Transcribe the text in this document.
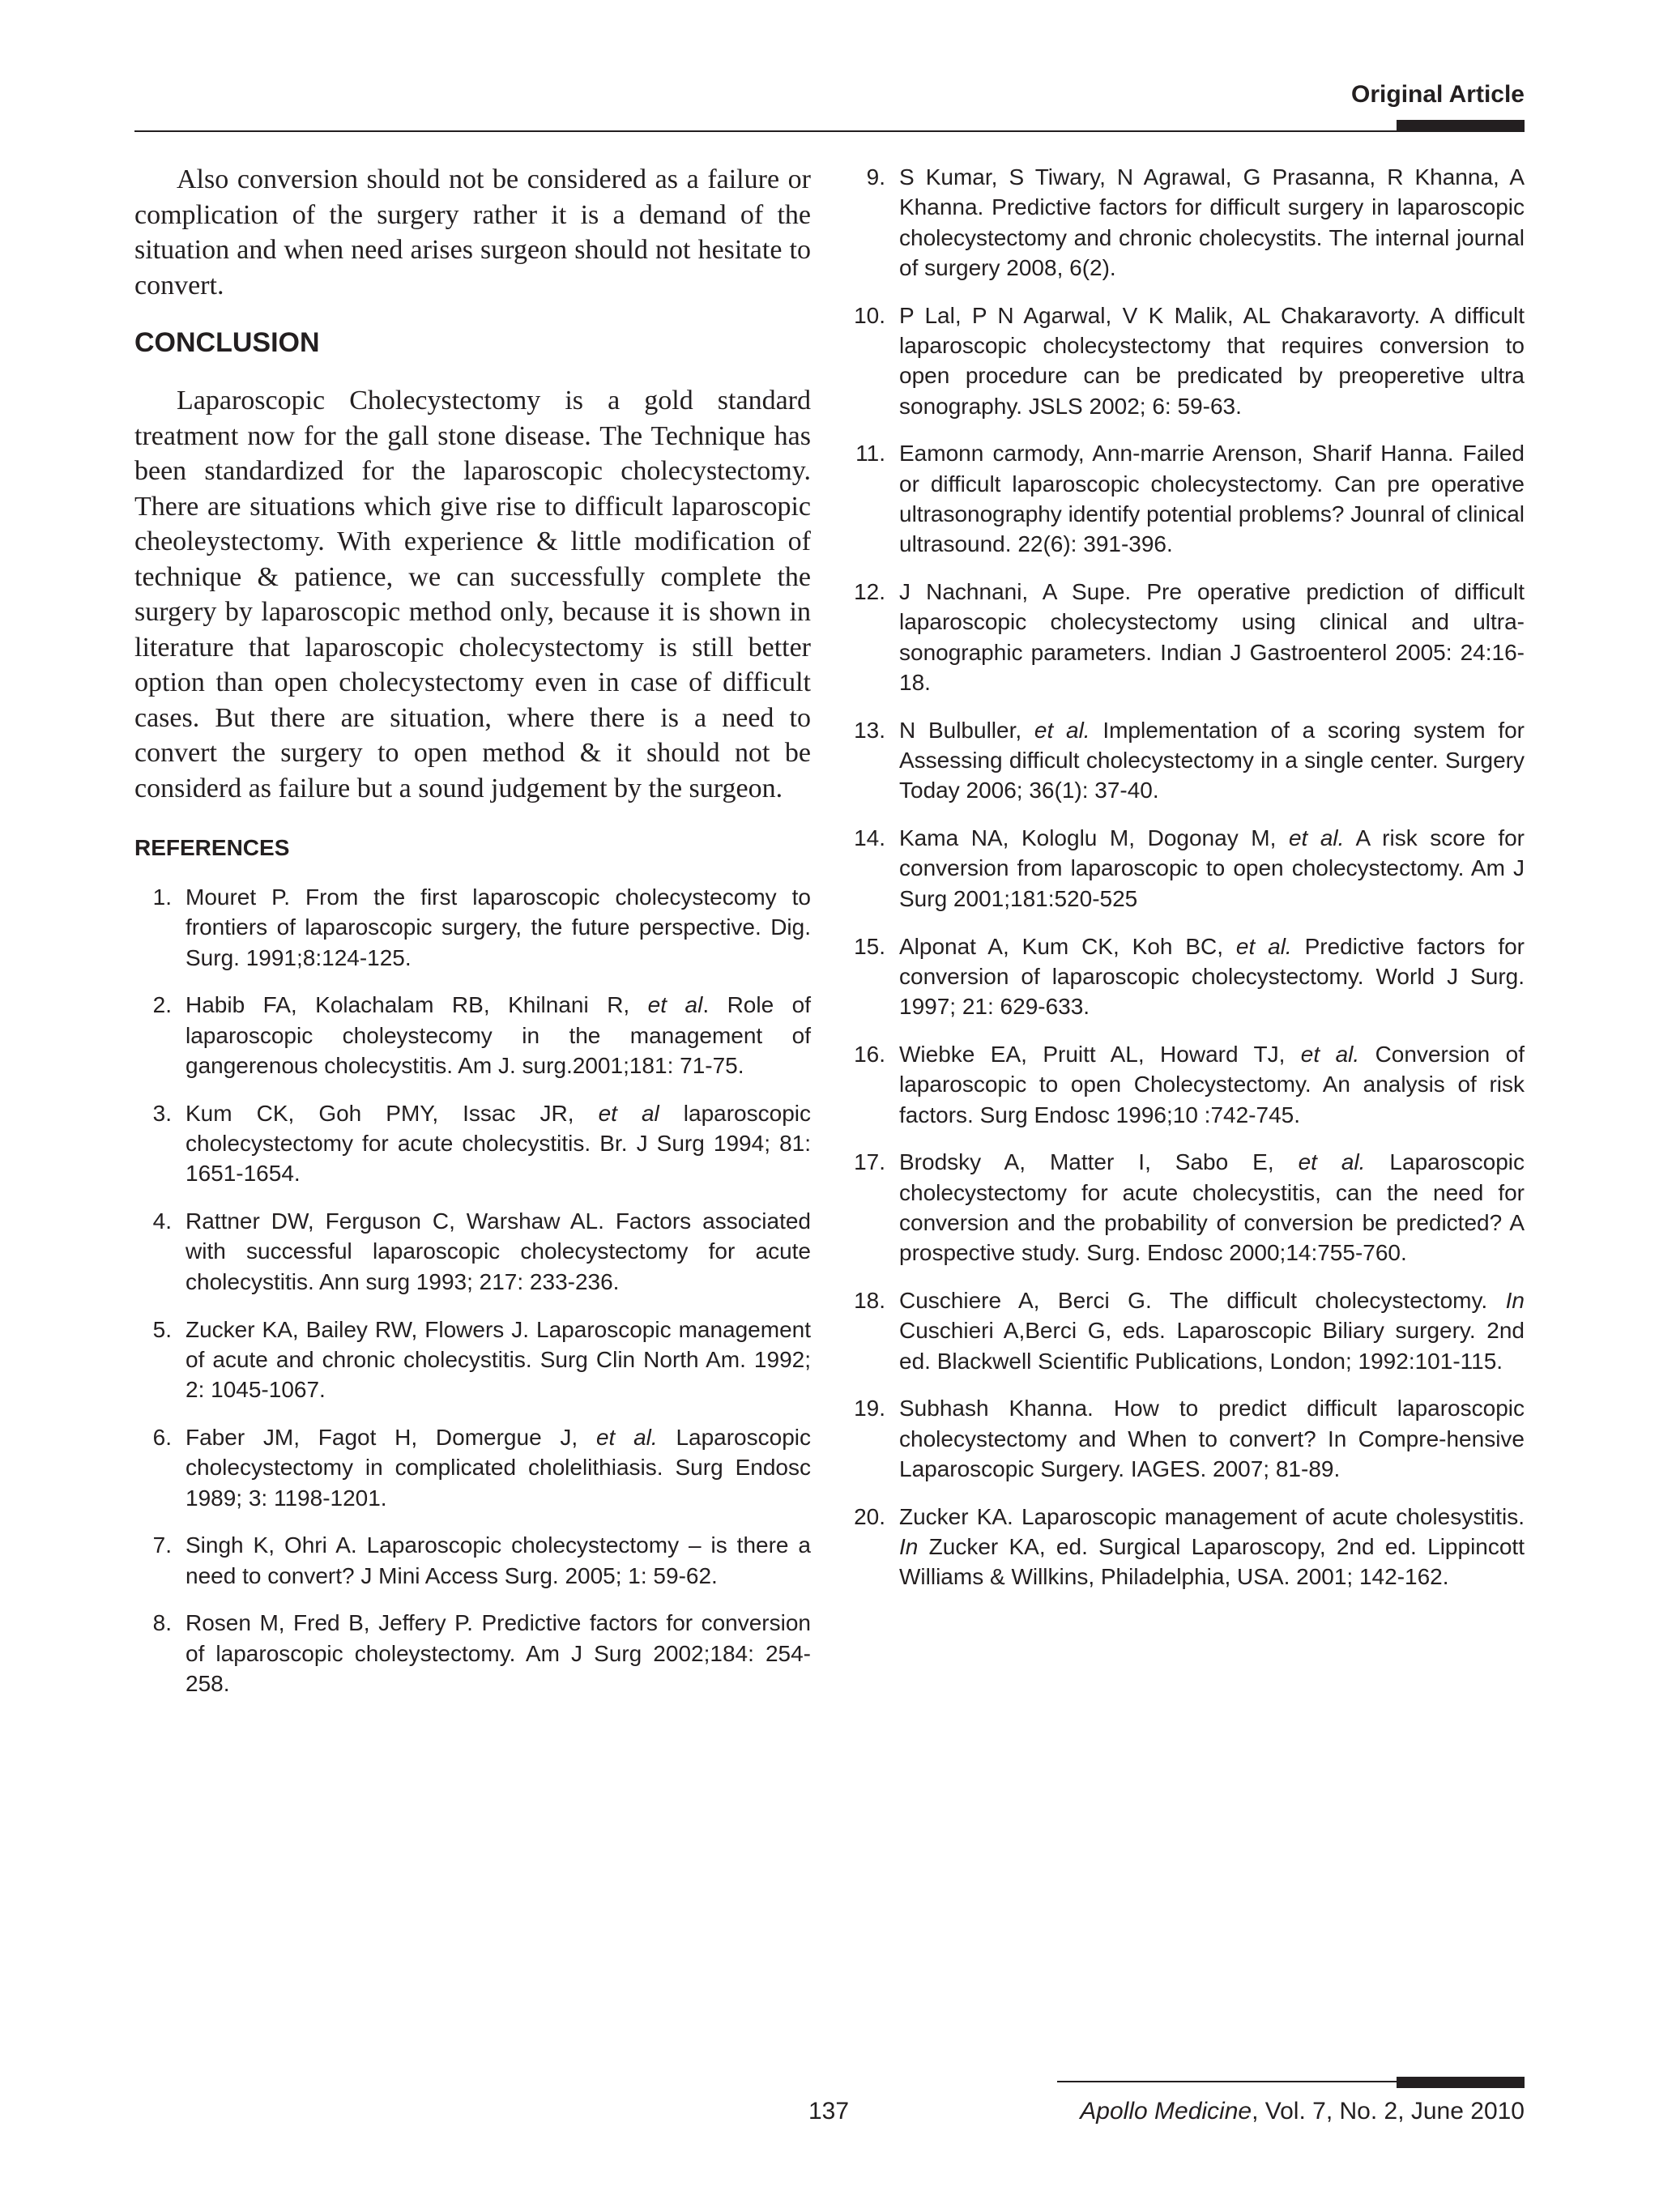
Original Article

Also conversion should not be considered as a failure or complication of the surgery rather it is a demand of the situation and when need arises surgeon should not hesitate to convert.

CONCLUSION

Laparoscopic Cholecystectomy is a gold standard treatment now for the gall stone disease. The Technique has been standardized for the laparoscopic cholecystectomy. There are situations which give rise to difficult laparoscopic cheoleystectomy. With experience & little modification of technique & patience, we can successfully complete the surgery by laparoscopic method only, because it is shown in literature that laparoscopic cholecystectomy is still better option than open cholecystectomy even in case of difficult cases. But there are situation, where there is a need to convert the surgery to open method & it should not be considerd as failure but a sound judgement by the surgeon.

REFERENCES
1. Mouret P. From the first laparoscopic cholecystecomy to frontiers of laparoscopic surgery, the future perspective. Dig. Surg. 1991;8:124-125.
2. Habib FA, Kolachalam RB, Khilnani R, et al. Role of laparoscopic choleystecomy in the management of gangerenous cholecystitis. Am J. surg.2001;181: 71-75.
3. Kum CK, Goh PMY, Issac JR, et al laparoscopic cholecystectomy for acute cholecystitis. Br. J Surg 1994; 81: 1651-1654.
4. Rattner DW, Ferguson C, Warshaw AL. Factors associated with successful laparoscopic cholecystectomy for acute cholecystitis. Ann surg 1993; 217: 233-236.
5. Zucker KA, Bailey RW, Flowers J. Laparoscopic management of acute and chronic cholecystitis. Surg Clin North Am. 1992; 2: 1045-1067.
6. Faber JM, Fagot H, Domergue J, et al. Laparoscopic cholecystectomy in complicated cholelithiasis. Surg Endosc 1989; 3: 1198-1201.
7. Singh K, Ohri A. Laparoscopic cholecystectomy – is there a need to convert? J Mini Access Surg. 2005; 1: 59-62.
8. Rosen M, Fred B, Jeffery P. Predictive factors for conversion of laparoscopic choleystectomy. Am J Surg 2002;184: 254-258.
9. S Kumar, S Tiwary, N Agrawal, G Prasanna, R Khanna, A Khanna. Predictive factors for difficult surgery in laparoscopic cholecystectomy and chronic cholecystits. The internal journal of surgery 2008, 6(2).
10. P Lal, P N Agarwal, V K Malik, AL Chakaravorty. A difficult laparoscopic cholecystectomy that requires conversion to open procedure can be predicated by preoperetive ultra sonography. JSLS 2002; 6: 59-63.
11. Eamonn carmody, Ann-marrie Arenson, Sharif Hanna. Failed or difficult laparoscopic cholecystectomy. Can pre operative ultrasonography identify potential problems? Jounral of clinical ultrasound. 22(6): 391-396.
12. J Nachnani, A Supe. Pre operative prediction of difficult laparoscopic cholecystectomy using clinical and ultra-sonographic parameters. Indian J Gastroenterol 2005: 24:16-18.
13. N Bulbuller, et al. Implementation of a scoring system for Assessing difficult cholecystectomy in a single center. Surgery Today 2006; 36(1): 37-40.
14. Kama NA, Kologlu M, Dogonay M, et al. A risk score for conversion from laparoscopic to open cholecystectomy. Am J Surg 2001;181:520-525
15. Alponat A, Kum CK, Koh BC, et al. Predictive factors for conversion of laparoscopic cholecystectomy. World J Surg. 1997; 21: 629-633.
16. Wiebke EA, Pruitt AL, Howard TJ, et al. Conversion of laparoscopic to open Cholecystectomy. An analysis of risk factors. Surg Endosc 1996;10 :742-745.
17. Brodsky A, Matter I, Sabo E, et al. Laparoscopic cholecystectomy for acute cholecystitis, can the need for conversion and the probability of conversion be predicted? A prospective study. Surg. Endosc 2000;14:755-760.
18. Cuschiere A, Berci G. The difficult cholecystectomy. In Cuschieri A,Berci G, eds. Laparoscopic Biliary surgery. 2nd ed. Blackwell Scientific Publications, London; 1992:101-115.
19. Subhash Khanna. How to predict difficult laparoscopic cholecystectomy and When to convert? In Compre-hensive Laparoscopic Surgery. IAGES. 2007; 81-89.
20. Zucker KA. Laparoscopic management of acute cholesystitis. In Zucker KA, ed. Surgical Laparoscopy, 2nd ed. Lippincott Williams & Willkins, Philadelphia, USA. 2001; 142-162.
137	Apollo Medicine, Vol. 7, No. 2, June 2010
